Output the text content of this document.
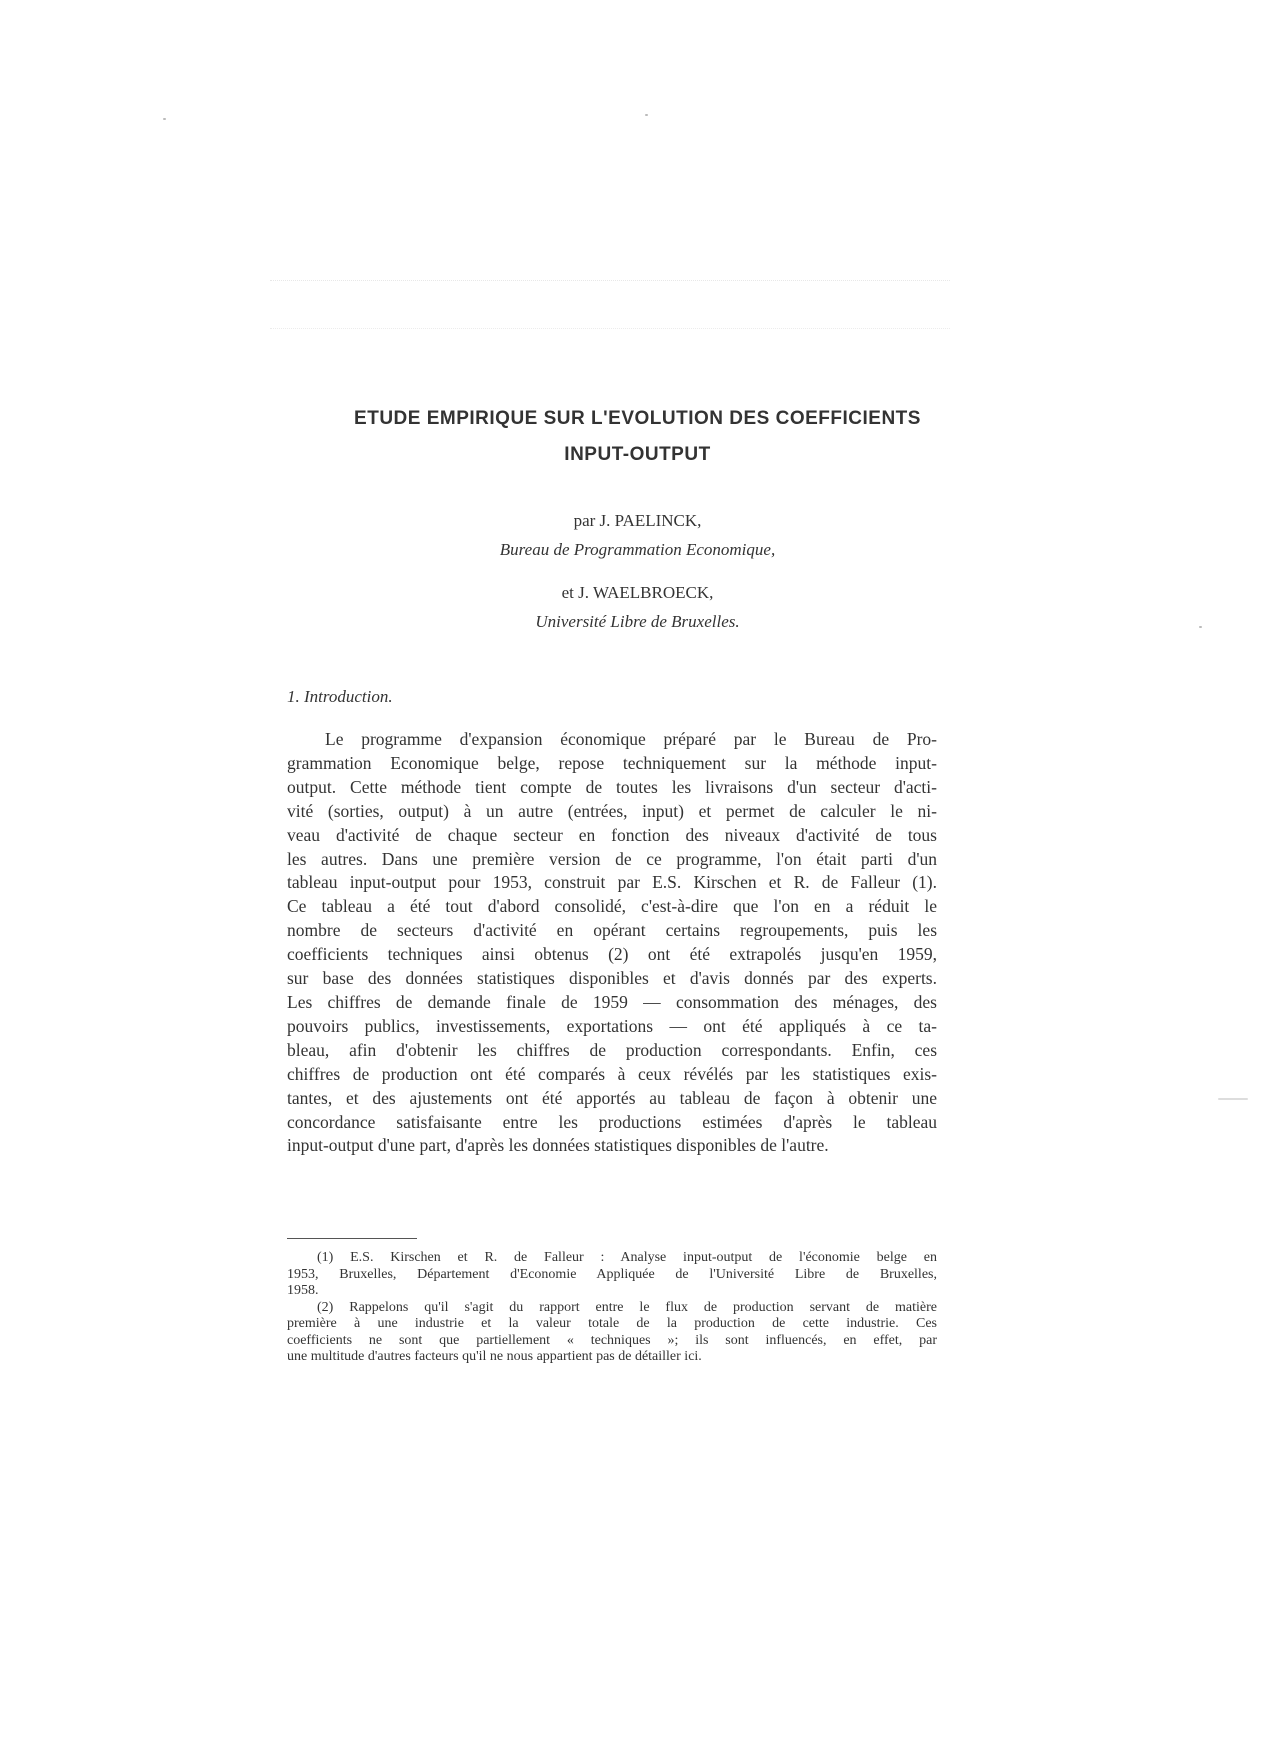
ETUDE EMPIRIQUE SUR L'EVOLUTION DES COEFFICIENTS
INPUT-OUTPUT
par J. PAELINCK,
Bureau de Programmation Economique,
et J. WAELBROECK,
Université Libre de Bruxelles.
1. Introduction.
Le programme d'expansion économique préparé par le Bureau de Pro-
grammation Economique belge, repose techniquement sur la méthode input-
output. Cette méthode tient compte de toutes les livraisons d'un secteur d'acti-
vité (sorties, output) à un autre (entrées, input) et permet de calculer le ni-
veau d'activité de chaque secteur en fonction des niveaux d'activité de tous
les autres. Dans une première version de ce programme, l'on était parti d'un
tableau input-output pour 1953, construit par E.S. Kirschen et R. de Falleur (1).
Ce tableau a été tout d'abord consolidé, c'est-à-dire que l'on en a réduit le
nombre de secteurs d'activité en opérant certains regroupements, puis les
coefficients techniques ainsi obtenus (2) ont été extrapolés jusqu'en 1959,
sur base des données statistiques disponibles et d'avis donnés par des experts.
Les chiffres de demande finale de 1959 — consommation des ménages, des
pouvoirs publics, investissements, exportations — ont été appliqués à ce ta-
bleau, afin d'obtenir les chiffres de production correspondants. Enfin, ces
chiffres de production ont été comparés à ceux révélés par les statistiques exis-
tantes, et des ajustements ont été apportés au tableau de façon à obtenir une
concordance satisfaisante entre les productions estimées d'après le tableau
input-output d'une part, d'après les données statistiques disponibles de l'autre.
(1) E.S. Kirschen et R. de Falleur : Analyse input-output de l'économie belge en
1953, Bruxelles, Département d'Economie Appliquée de l'Université Libre de Bruxelles,
1958.
(2) Rappelons qu'il s'agit du rapport entre le flux de production servant de matière
première à une industrie et la valeur totale de la production de cette industrie. Ces
coefficients ne sont que partiellement « techniques »; ils sont influencés, en effet, par
une multitude d'autres facteurs qu'il ne nous appartient pas de détailler ici.
